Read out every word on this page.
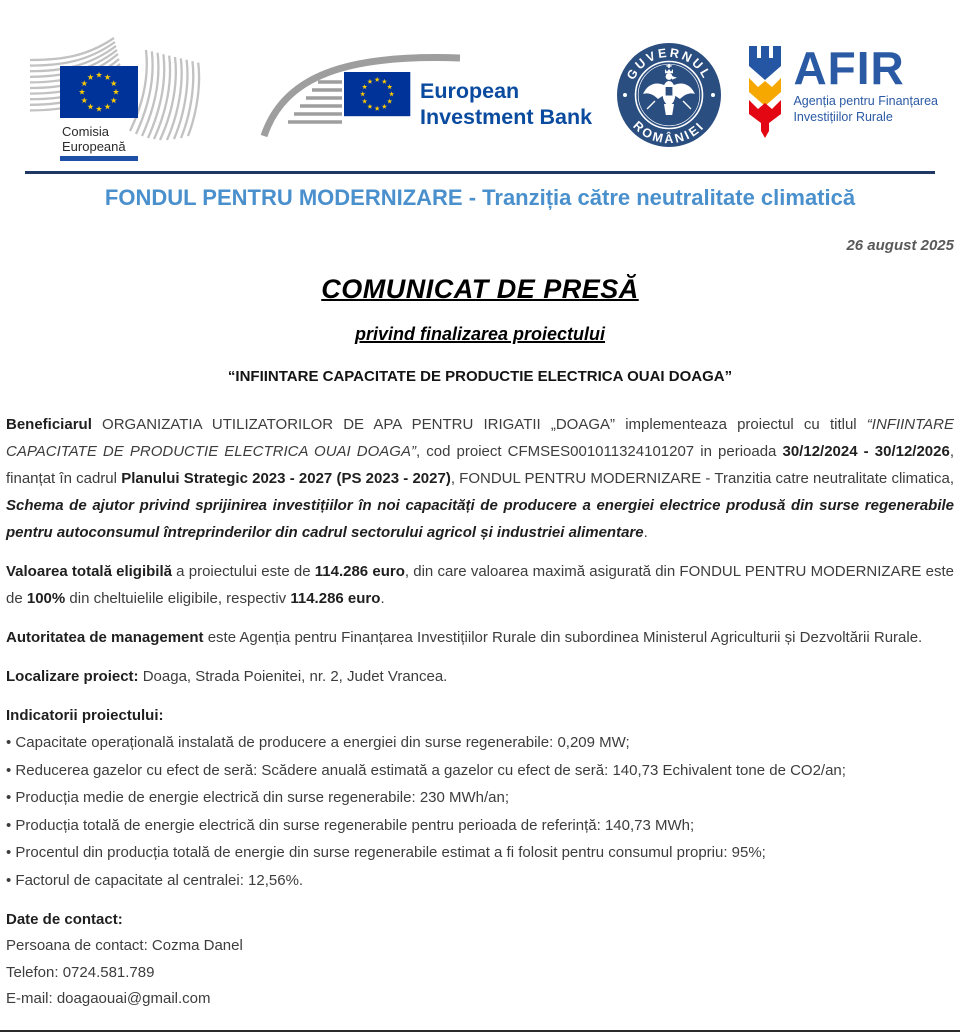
Comisia
Europeană
European
Investment Bank
GUVERNUL
ROMÂNIEI
AFIR
Agenția pentru Finanțarea
Investițiilor Rurale
FONDUL PENTRU MODERNIZARE - Tranziția către neutralitate climatică
26 august 2025
COMUNICAT DE PRESĂ
privind finalizarea proiectului
“INFIINTARE CAPACITATE DE PRODUCTIE ELECTRICA OUAI DOAGA”

Beneficiarul ORGANIZATIA UTILIZATORILOR DE APA PENTRU IRIGATII „DOAGA” implementeaza proiectul cu titlul “INFIINTARE CAPACITATE DE PRODUCTIE ELECTRICA OUAI DOAGA”, cod proiect CFMSES001011324101207 in perioada 30/12/2024 - 30/12/2026, finanțat în cadrul Planului Strategic 2023 - 2027 (PS 2023 - 2027), FONDUL PENTRU MODERNIZARE - Tranzitia catre neutralitate climatica, Schema de ajutor privind sprijinirea investițiilor în noi capacități de producere a energiei electrice produsă din surse regenerabile pentru autoconsumul întreprinderilor din cadrul sectorului agricol și industriei alimentare.

Valoarea totală eligibilă a proiectului este de 114.286 euro, din care valoarea maximă asigurată din FONDUL PENTRU MODERNIZARE este de 100% din cheltuielile eligibile, respectiv 114.286 euro.

Autoritatea de management este Agenția pentru Finanțarea Investițiilor Rurale din subordinea Ministerul Agriculturii și Dezvoltării Rurale.

Localizare proiect: Doaga, Strada Poienitei, nr. 2, Judet Vrancea.

Indicatorii proiectului:
• Capacitate operațională instalată de producere a energiei din surse regenerabile: 0,209 MW;
• Reducerea gazelor cu efect de seră: Scădere anuală estimată a gazelor cu efect de seră: 140,73 Echivalent tone de CO2/an;
• Producția medie de energie electrică din surse regenerabile: 230 MWh/an;
• Producția totală de energie electrică din surse regenerabile pentru perioada de referință: 140,73 MWh;
• Procentul din producția totală de energie din surse regenerabile estimat a fi folosit pentru consumul propriu: 95%;
• Factorul de capacitate al centralei: 12,56%.
Date de contact:
Persoana de contact: Cozma Danel
Telefon: 0724.581.789
E-mail: doagaouai@gmail.com
